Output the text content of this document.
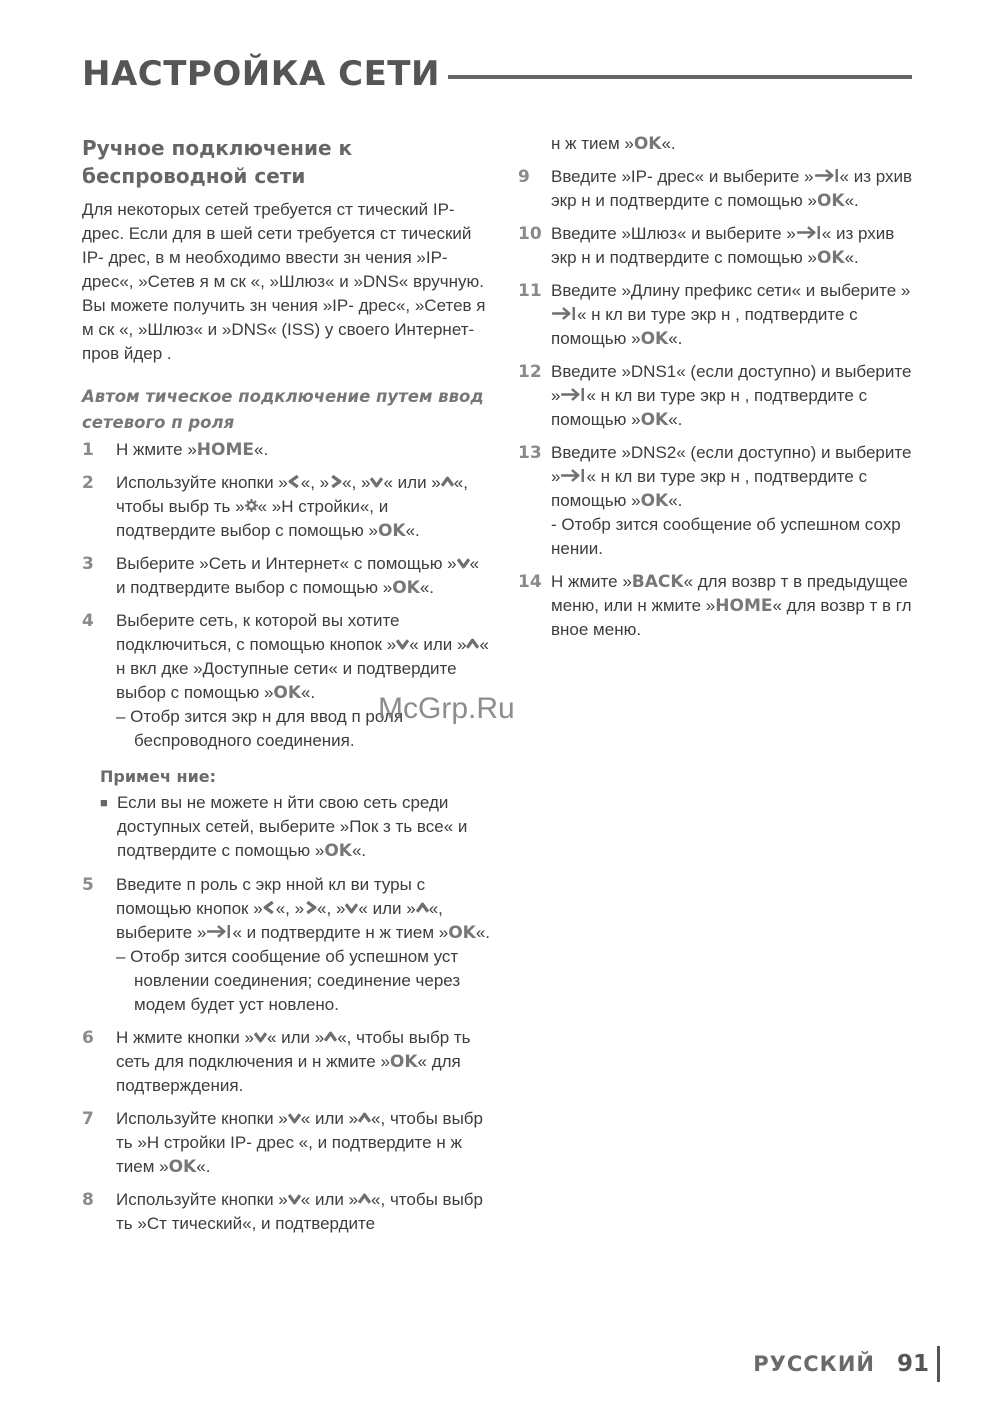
НАСТРОЙКА СЕТИ
Ручное подключение к беспроводной сети
Для некоторых сетей требуется ст тический IP- дрес. Если для в шей сети требуется ст тический IP- дрес, в м необходимо ввести зн чения »IP- дрес«, »Сетев я м ск «, »Шлюз« и »DNS« вручную. Вы можете получить зн чения »IP- дрес«, »Сетев я м ск «, »Шлюз« и »DNS« (ISS) у своего Интернет-пров йдер .
Автом тическое подключение путем ввод сетевого п роля
1	Н жмите »HOME«.
2	Используйте кнопки » «, » «, » « или » «, чтобы выбр ть » « »Н стройки«, и подтвердите выбор с помощью »OK«.
3	Выберите »Сеть и Интернет« с помощью » « и подтвердите выбор с помощью »OK«.
4	Выберите сеть, к которой вы хотите подключиться, с помощью кнопок » « или » « н вкл дке »Доступные сети« и подтвердите выбор с помощью »OK«.
– Отобр зится экр н для ввод п роля беспроводного соединения.
Примеч ние:
■ Если вы не можете н йти свою сеть среди доступных сетей, выберите »Пок з ть все« и подтвердите с помощью »OK«.
5	Введите п роль с экр нной кл ви туры с помощью кнопок » «, » «, » « или » «, выберите » « и подтвердите н ж тием »OK«.
– Отобр зится сообщение об успешном уст новлении соединения; соединение через модем будет уст новлено.
6	Н жмите кнопки » « или » «, чтобы выбр ть сеть для подключения и н жмите »OK« для подтверждения.
7	Используйте кнопки » « или » «, чтобы выбр ть »Н стройки IP- дрес «, и подтвердите н ж тием »OK«.
8	Используйте кнопки » « или » «, чтобы выбр ть »Ст тический«, и подтвердите
н ж тием »OK«.
9	Введите »IP- дрес« и выберите » « из рхив экр н и подтвердите с помощью »OK«.
10 Введите »Шлюз« и выберите » « из рхив экр н и подтвердите с помощью »OK«.
11 Введите »Длину префикс сети« и выберите »« н кл ви туре экр н , подтвердите с помощью »OK«.
12 Введите »DNS1« (если доступно) и выберите » « н кл ви туре экр н , подтвердите с помощью »OK«.
13 Введите »DNS2« (если доступно) и выберите » « н кл ви туре экр н , подтвердите с помощью »OK«.
- Отобр зится сообщение об успешном сохр нении.
14 Н жмите »BACK« для возвр т в предыдущее меню, или н жмите »HOME« для возвр т в гл вное меню.
McGrp.Ru
РУССКИЙ 91
